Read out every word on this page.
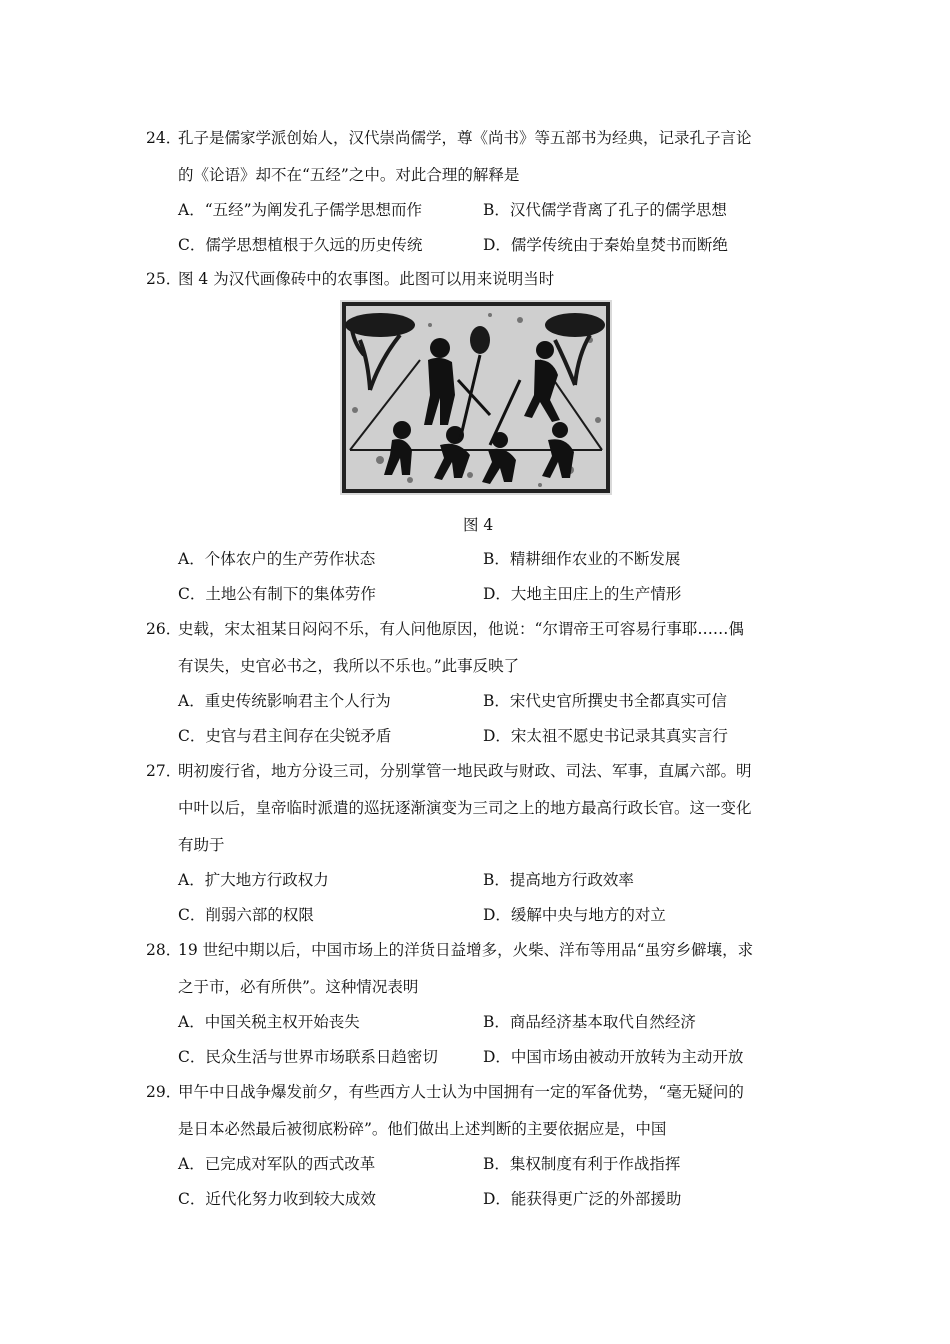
24．
孔子是儒家学派创始人，汉代崇尚儒学，尊《尚书》等五部书为经典，记录孔子言论
的《论语》却不在“五经”之中。对此合理的解释是
A．“五经”为阐发孔子儒学思想而作	B．汉代儒学背离了孔子的儒学思想
C．儒学思想植根于久远的历史传统	D．儒学传统由于秦始皇焚书而断绝
25．
图 4 为汉代画像砖中的农事图。此图可以用来说明当时
图 4
A．个体农户的生产劳作状态	B．精耕细作农业的不断发展
C．土地公有制下的集体劳作	D．大地主田庄上的生产情形
26．
史载，宋太祖某日闷闷不乐，有人问他原因，他说：“尔谓帝王可容易行事耶……偶
有误失，史官必书之，我所以不乐也。”此事反映了
A．重史传统影响君主个人行为	B．宋代史官所撰史书全都真实可信
C．史官与君主间存在尖锐矛盾	D．宋太祖不愿史书记录其真实言行
27．
明初废行省，地方分设三司，分别掌管一地民政与财政、司法、军事，直属六部。明
中叶以后，皇帝临时派遣的巡抚逐渐演变为三司之上的地方最高行政长官。这一变化
有助于
A．扩大地方行政权力	B．提高地方行政效率
C．削弱六部的权限	D．缓解中央与地方的对立
28．
19 世纪中期以后，中国市场上的洋货日益增多，火柴、洋布等用品“虽穷乡僻壤，求
之于市，必有所供”。这种情况表明
A．中国关税主权开始丧失	B．商品经济基本取代自然经济
C．民众生活与世界市场联系日趋密切	D．中国市场由被动开放转为主动开放
29．
甲午中日战争爆发前夕，有些西方人士认为中国拥有一定的军备优势，“毫无疑问的
是日本必然最后被彻底粉碎”。他们做出上述判断的主要依据应是，中国
A．已完成对军队的西式改革	B．集权制度有利于作战指挥
C．近代化努力收到较大成效	D．能获得更广泛的外部援助
